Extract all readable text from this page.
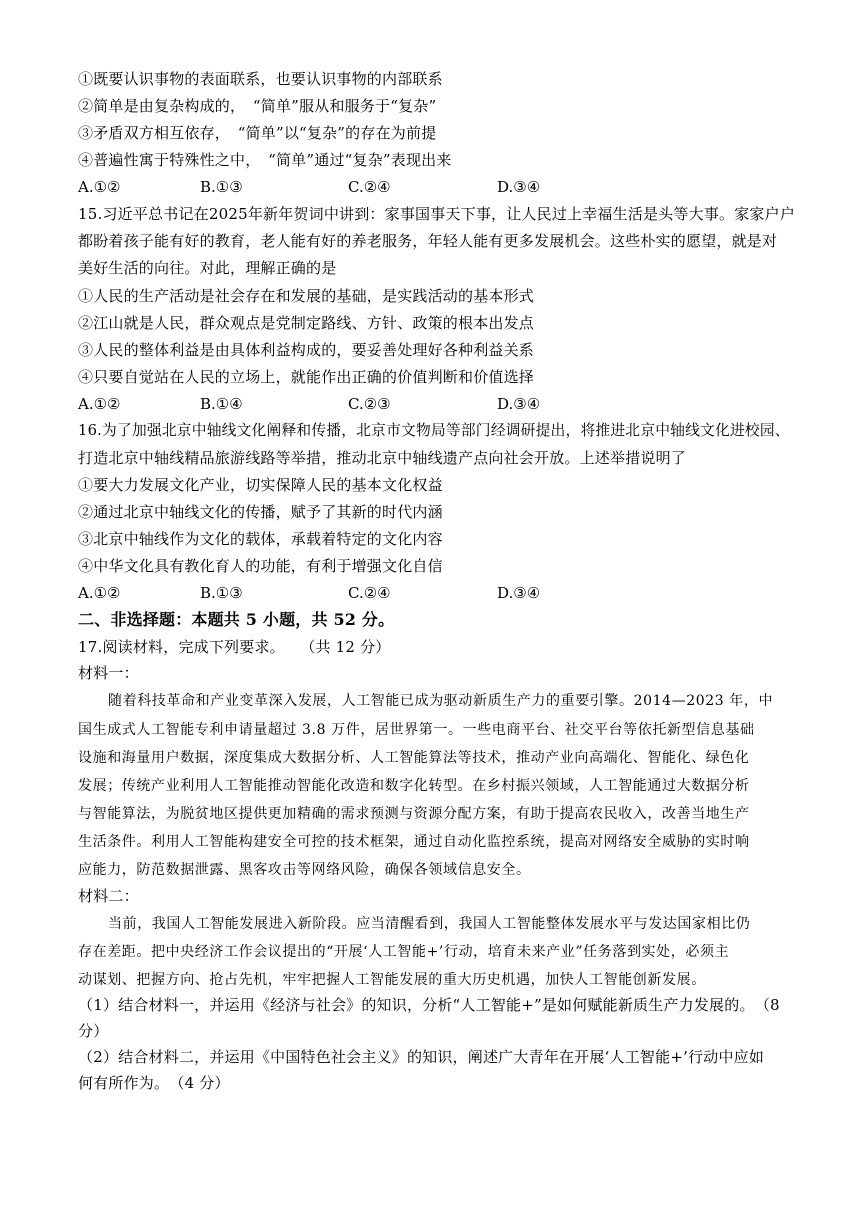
①既要认识事物的表面联系，也要认识事物的内部联系
②简单是由复杂构成的，　“简单”服从和服务于“复杂”
③矛盾双方相互依存，　“简单”以“复杂”的存在为前提
④普遍性寓于特殊性之中，　“简单”通过“复杂”表现出来
A.①②	B.①③	C.②④	D.③④
15.习近平总书记在2025年新年贺词中讲到：家事国事天下事，让人民过上幸福生活是头等大事。家家户户
都盼着孩子能有好的教育，老人能有好的养老服务，年轻人能有更多发展机会。这些朴实的愿望，就是对
美好生活的向往。对此，理解正确的是
①人民的生产活动是社会存在和发展的基础，是实践活动的基本形式
②江山就是人民，群众观点是党制定路线、方针、政策的根本出发点
③人民的整体利益是由具体利益构成的，要妥善处理好各种利益关系
④只要自觉站在人民的立场上，就能作出正确的价值判断和价值选择
A.①②	B.①④	C.②③	D.③④
16.为了加强北京中轴线文化阐释和传播，北京市文物局等部门经调研提出，将推进北京中轴线文化进校园、
打造北京中轴线精品旅游线路等举措，推动北京中轴线遗产点向社会开放。上述举措说明了
①要大力发展文化产业，切实保障人民的基本文化权益
②通过北京中轴线文化的传播，赋予了其新的时代内涵
③北京中轴线作为文化的载体，承载着特定的文化内容
④中华文化具有教化育人的功能，有利于增强文化自信
A.①②	B.①③	C.②④	D.③④
二、非选择题：本题共 5 小题，共 52 分。
17.阅读材料，完成下列要求。　　（共 12 分）
材料一：
随着科技革命和产业变革深入发展，人工智能已成为驱动新质生产力的重要引擎。2014—2023 年，中
国生成式人工智能专利申请量超过 3.8 万件，居世界第一。一些电商平台、社交平台等依托新型信息基础
设施和海量用户数据，深度集成大数据分析、人工智能算法等技术，推动产业向高端化、智能化、绿色化
发展；传统产业利用人工智能推动智能化改造和数字化转型。在乡村振兴领域，人工智能通过大数据分析
与智能算法，为脱贫地区提供更加精确的需求预测与资源分配方案，有助于提高农民收入，改善当地生产
生活条件。利用人工智能构建安全可控的技术框架，通过自动化监控系统，提高对网络安全威胁的实时响
应能力，防范数据泄露、黑客攻击等网络风险，确保各领域信息安全。
材料二：
当前，我国人工智能发展进入新阶段。应当清醒看到，我国人工智能整体发展水平与发达国家相比仍
存在差距。把中央经济工作会议提出的“开展‘人工智能+’行动，培育未来产业”任务落到实处，必须主
动谋划、把握方向、抢占先机，牢牢把握人工智能发展的重大历史机遇，加快人工智能创新发展。
（1）结合材料一，并运用《经济与社会》的知识，分析“人工智能+”是如何赋能新质生产力发展的。　（8
分）
（2）结合材料二，并运用《中国特色社会主义》的知识，阐述广大青年在开展‘人工智能+’行动中应如
何有所作为。　（4 分）
